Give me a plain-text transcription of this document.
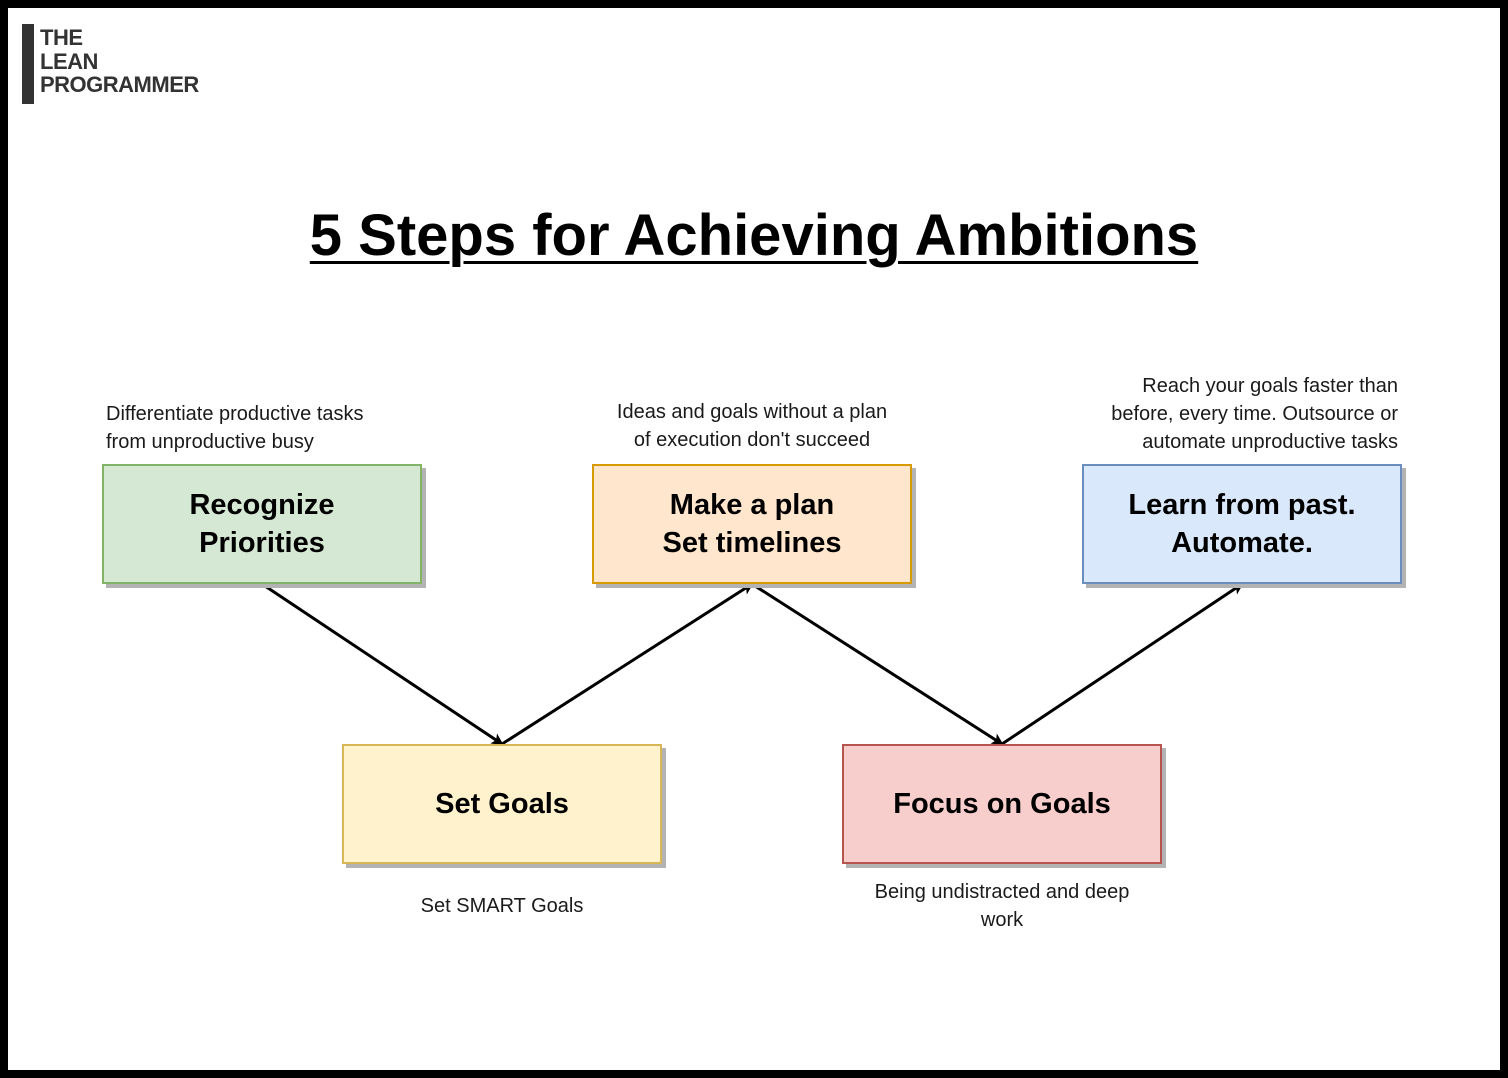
THE
LEAN
PROGRAMMER
5 Steps for Achieving Ambitions
Differentiate productive tasks
from unproductive busy
Recognize
Priorities
Set Goals
Set SMART Goals
Ideas and goals without a plan
of execution don't succeed
Make a plan
Set timelines
Focus on Goals
Being undistracted and deep
work
Reach your goals faster than
before, every time. Outsource or
automate unproductive tasks
Learn from past.
Automate.
